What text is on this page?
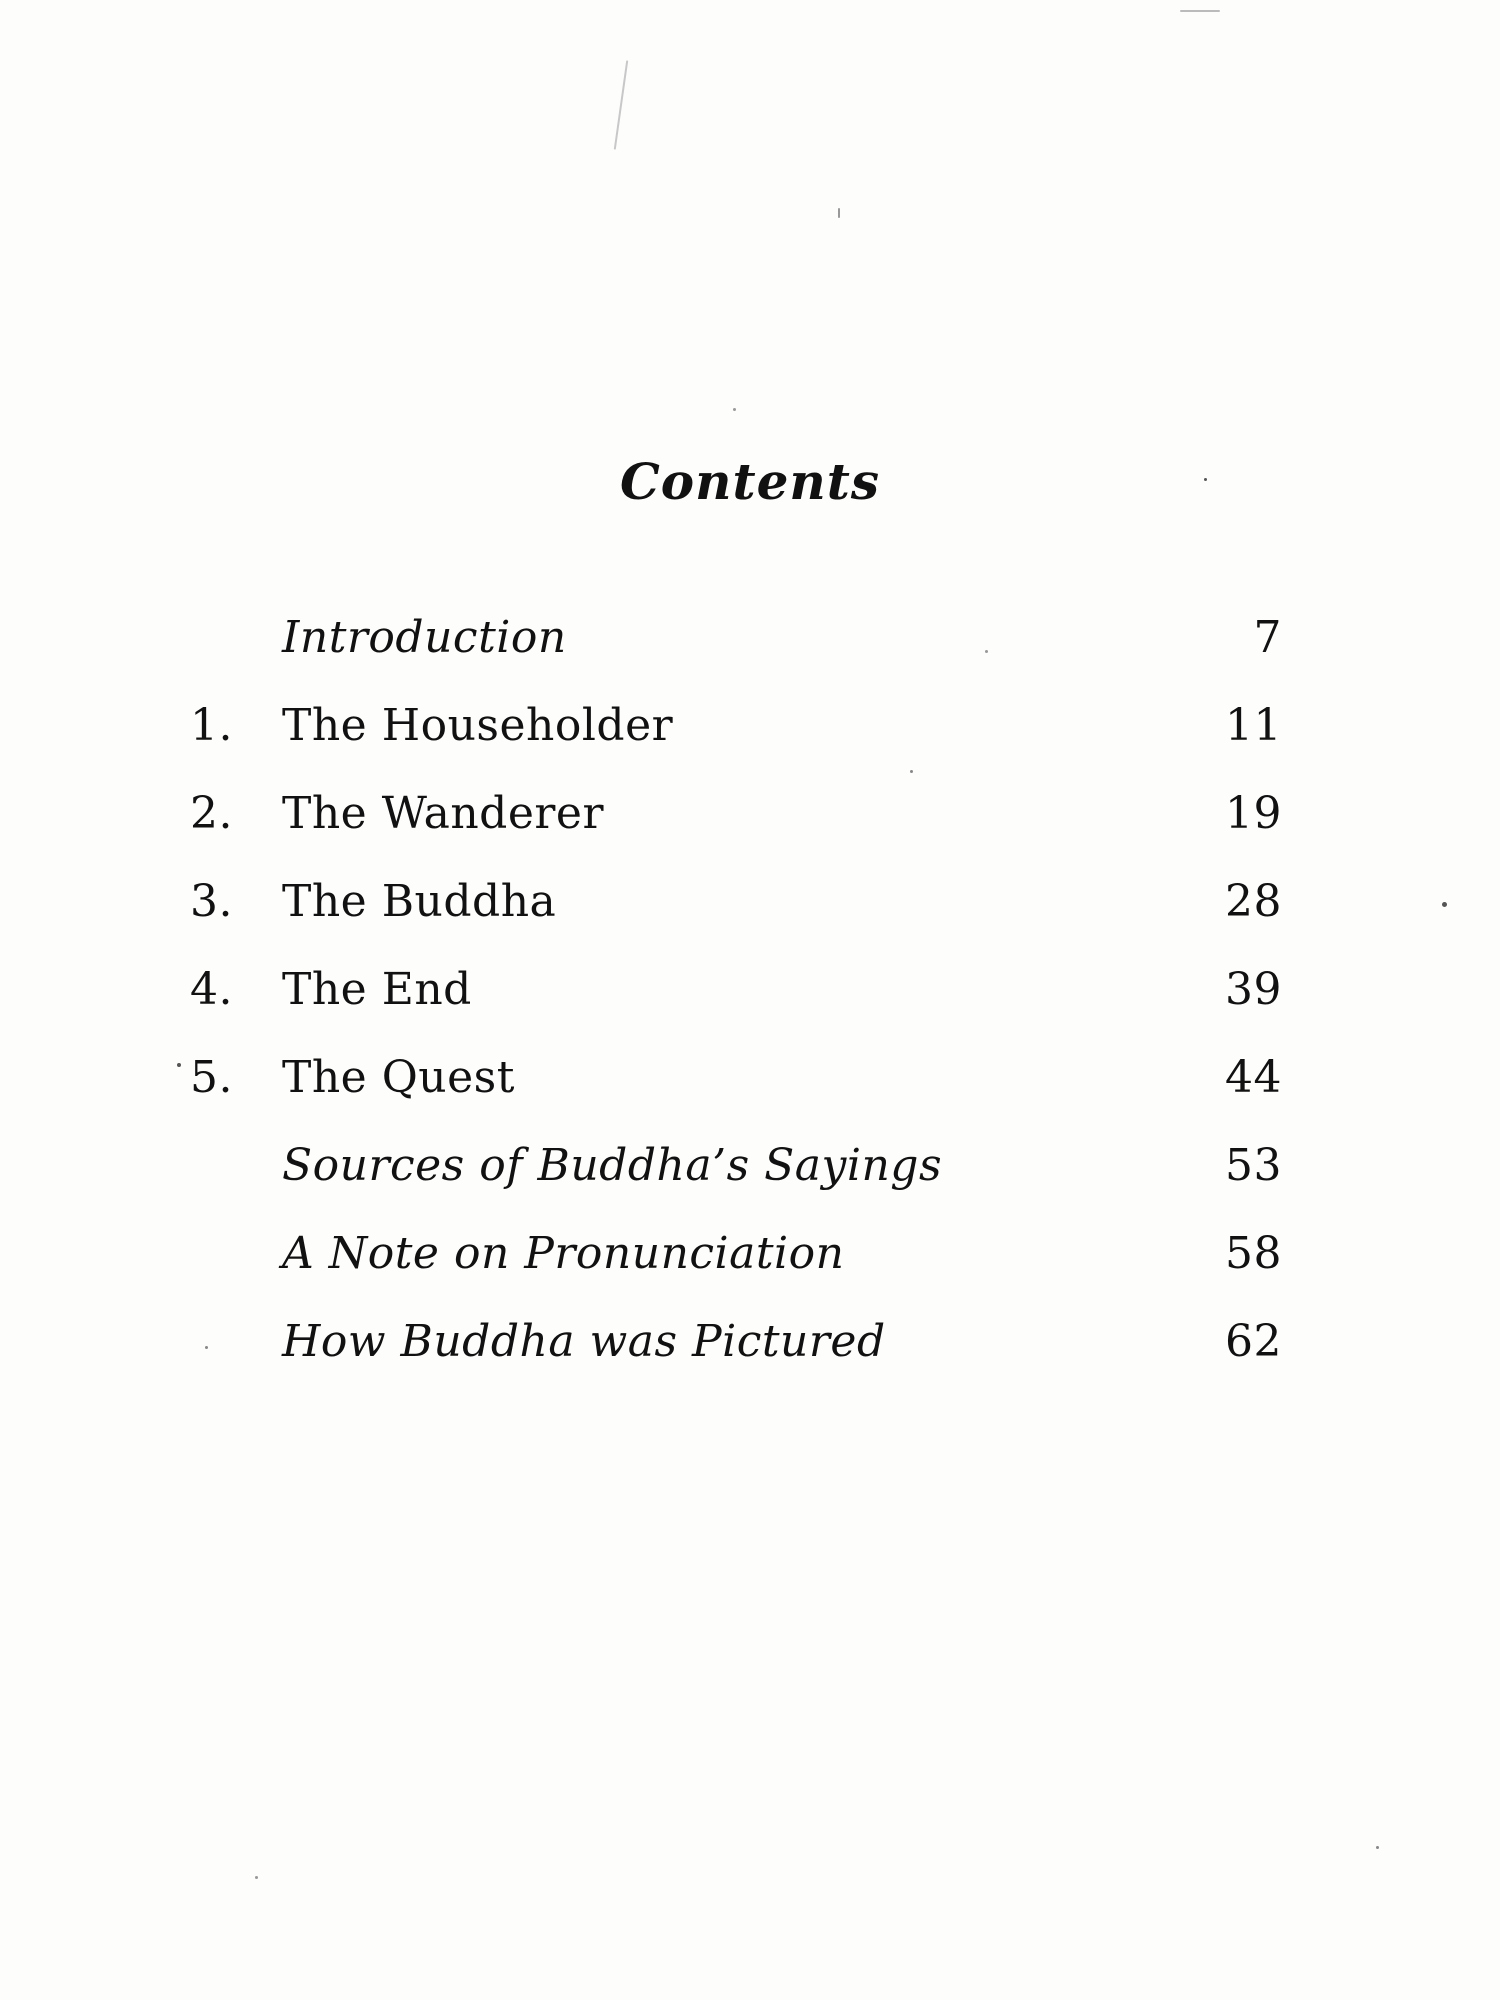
Contents
Introduction	7
1. The Householder	11
2. The Wanderer	19
3. The Buddha	28
4. The End	39
5. The Quest	44
Sources of Buddha’s Sayings	53
A Note on Pronunciation	58
How Buddha was Pictured	62
